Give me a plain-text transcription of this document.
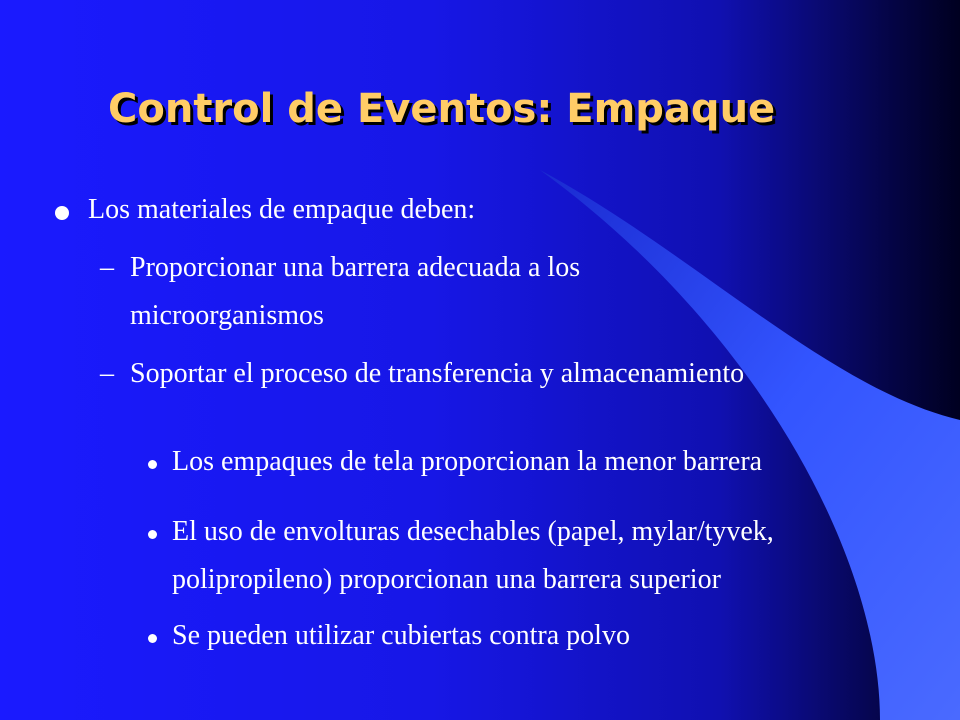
Control de Eventos: Empaque
Los materiales de empaque deben:
– Proporcionar una barrera adecuada a los
microorganismos
– Soportar el proceso de transferencia y almacenamiento
Los empaques de tela proporcionan la menor barrera
El uso de envolturas desechables (papel, mylar/tyvek,
polipropileno) proporcionan una barrera superior
Se pueden utilizar cubiertas contra polvo
